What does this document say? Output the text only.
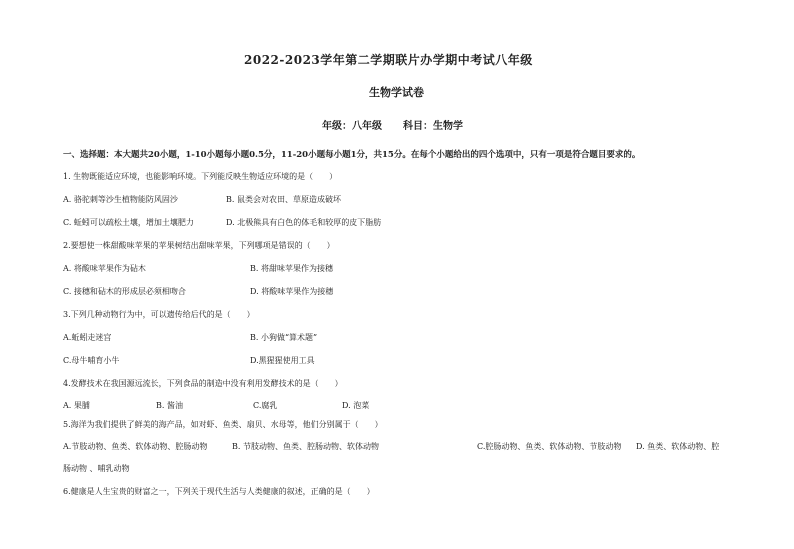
2022-2023学年第二学期联片办学期中考试八年级
生物学试卷
年级：八年级 科目：生物学
一、选择题：本大题共20小题，1-10小题每小题0.5分，11-20小题每小题1分，共15分。在每个小题给出的四个选项中，只有一项是符合题目要求的。
1. 生物既能适应环境，也能影响环境。下列能反映生物适应环境的是（　　）
A. 骆驼刺等沙生植物能防风固沙	B. 鼠类会对农田、草原造成破坏
C. 蚯蚓可以疏松土壤，增加土壤肥力	D. 北极熊具有白色的体毛和较厚的皮下脂肪
2.要想使一株甜酸味苹果的苹果树结出甜味苹果，下列哪项是错误的（　　）
A. 将酸味苹果作为砧木	B. 将甜味苹果作为接穗
C. 接穗和砧木的形成层必须相吻合	D. 将酸味苹果作为接穗
3.下列几种动物行为中，可以遗传给后代的是（　　）
A.蚯蚓走迷宫	B. 小狗做“算术题”
C.母牛哺育小牛	D.黑猩猩使用工具
4.发酵技术在我国源远流长，下列食品的制造中没有利用发酵技术的是（　　）
A. 果脯	B. 酱油	C.腐乳	D. 泡菜
5.海洋为我们提供了鲜美的海产品，如对虾、鱼类、扇贝、水母等，他们分别属于（　　）
A.节肢动物、鱼类、软体动物、腔肠动物	B. 节肢动物、鱼类、腔肠动物、软体动物	C.腔肠动物、鱼类、软体动物、节肢动物 D. 鱼类、软体动物、腔
肠动物 、哺乳动物
6.健康是人生宝贵的财富之一，下列关于现代生活与人类健康的叙述，正确的是（　　）
